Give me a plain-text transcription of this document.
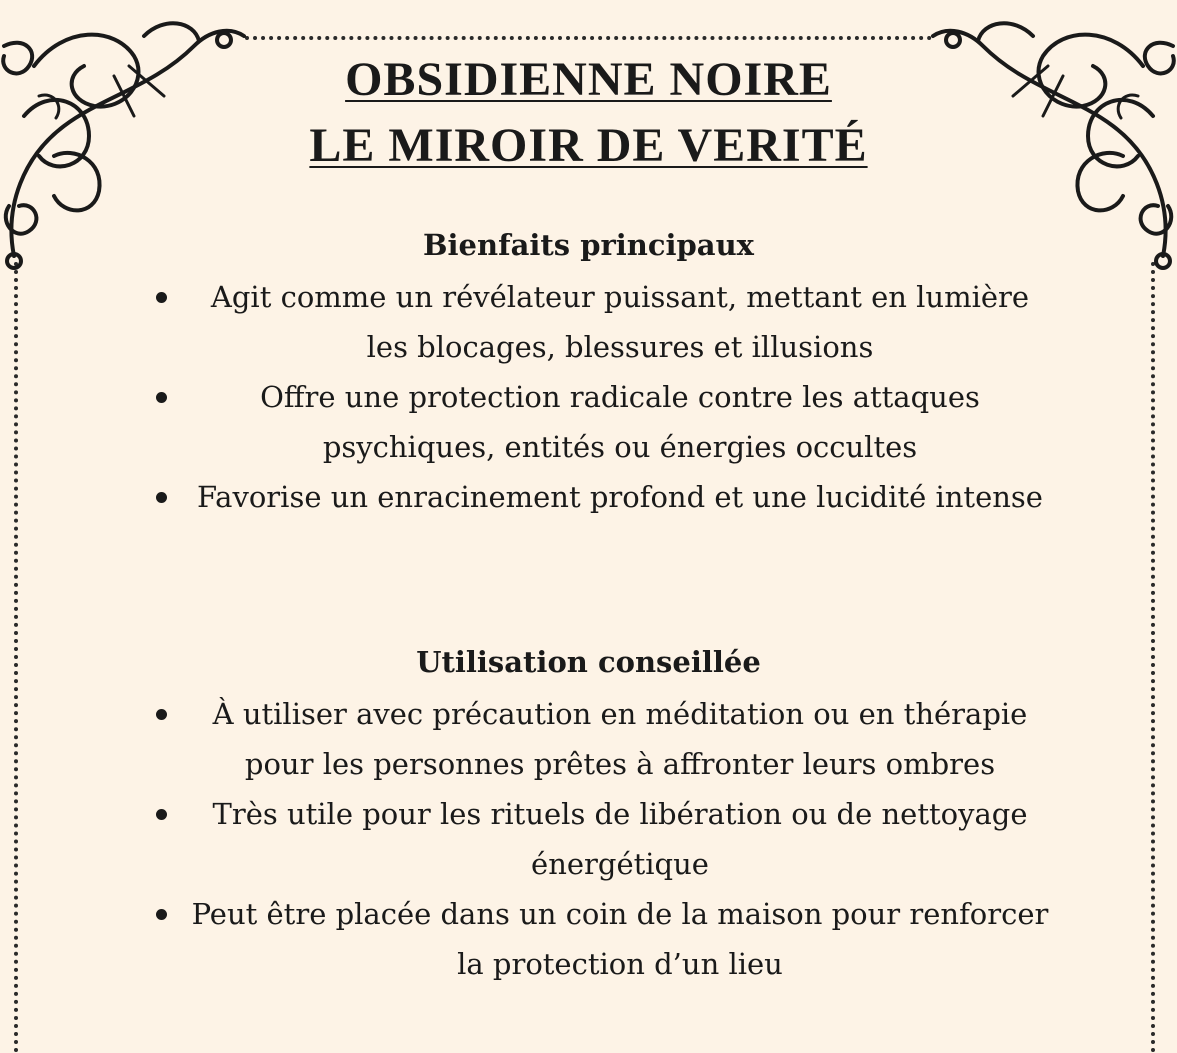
OBSIDIENNE NOIRE
LE MIROIR DE VERITÉ
Bienfaits principaux
Agit comme un révélateur puissant, mettant en lumière les blocages, blessures et illusions
Offre une protection radicale contre les attaques psychiques, entités ou énergies occultes
Favorise un enracinement profond et une lucidité intense
Utilisation conseillée
À utiliser avec précaution en méditation ou en thérapie pour les personnes prêtes à affronter leurs ombres
Très utile pour les rituels de libération ou de nettoyage énergétique
Peut être placée dans un coin de la maison pour renforcer la protection d’un lieu
